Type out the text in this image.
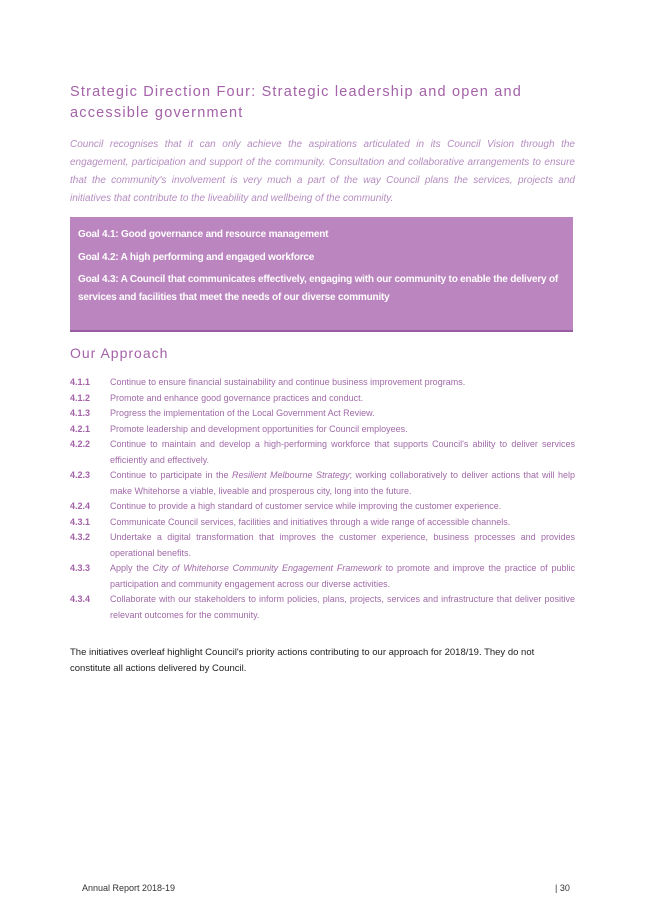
Strategic Direction Four: Strategic leadership and open and accessible government

Council recognises that it can only achieve the aspirations articulated in its Council Vision through the engagement, participation and support of the community. Consultation and collaborative arrangements to ensure that the community's involvement is very much a part of the way Council plans the services, projects and initiatives that contribute to the liveability and wellbeing of the community.

Goal 4.1: Good governance and resource management
Goal 4.2: A high performing and engaged workforce
Goal 4.3: A Council that communicates effectively, engaging with our community to enable the delivery of services and facilities that meet the needs of our diverse community
Our Approach
4.1.1	Continue to ensure financial sustainability and continue business improvement programs.
4.1.2	Promote and enhance good governance practices and conduct.
4.1.3	Progress the implementation of the Local Government Act Review.
4.2.1	Promote leadership and development opportunities for Council employees.
4.2.2	Continue to maintain and develop a high-performing workforce that supports Council's ability to deliver services efficiently and effectively.
4.2.3	Continue to participate in the Resilient Melbourne Strategy; working collaboratively to deliver actions that will help make Whitehorse a viable, liveable and prosperous city, long into the future.
4.2.4	Continue to provide a high standard of customer service while improving the customer experience.
4.3.1	Communicate Council services, facilities and initiatives through a wide range of accessible channels.
4.3.2	Undertake a digital transformation that improves the customer experience, business processes and provides operational benefits.
4.3.3	Apply the City of Whitehorse Community Engagement Framework to promote and improve the practice of public participation and community engagement across our diverse activities.
4.3.4	Collaborate with our stakeholders to inform policies, plans, projects, services and infrastructure that deliver positive relevant outcomes for the community.

The initiatives overleaf highlight Council's priority actions contributing to our approach for 2018/19. They do not constitute all actions delivered by Council.

Annual Report 2018-19	| 30
